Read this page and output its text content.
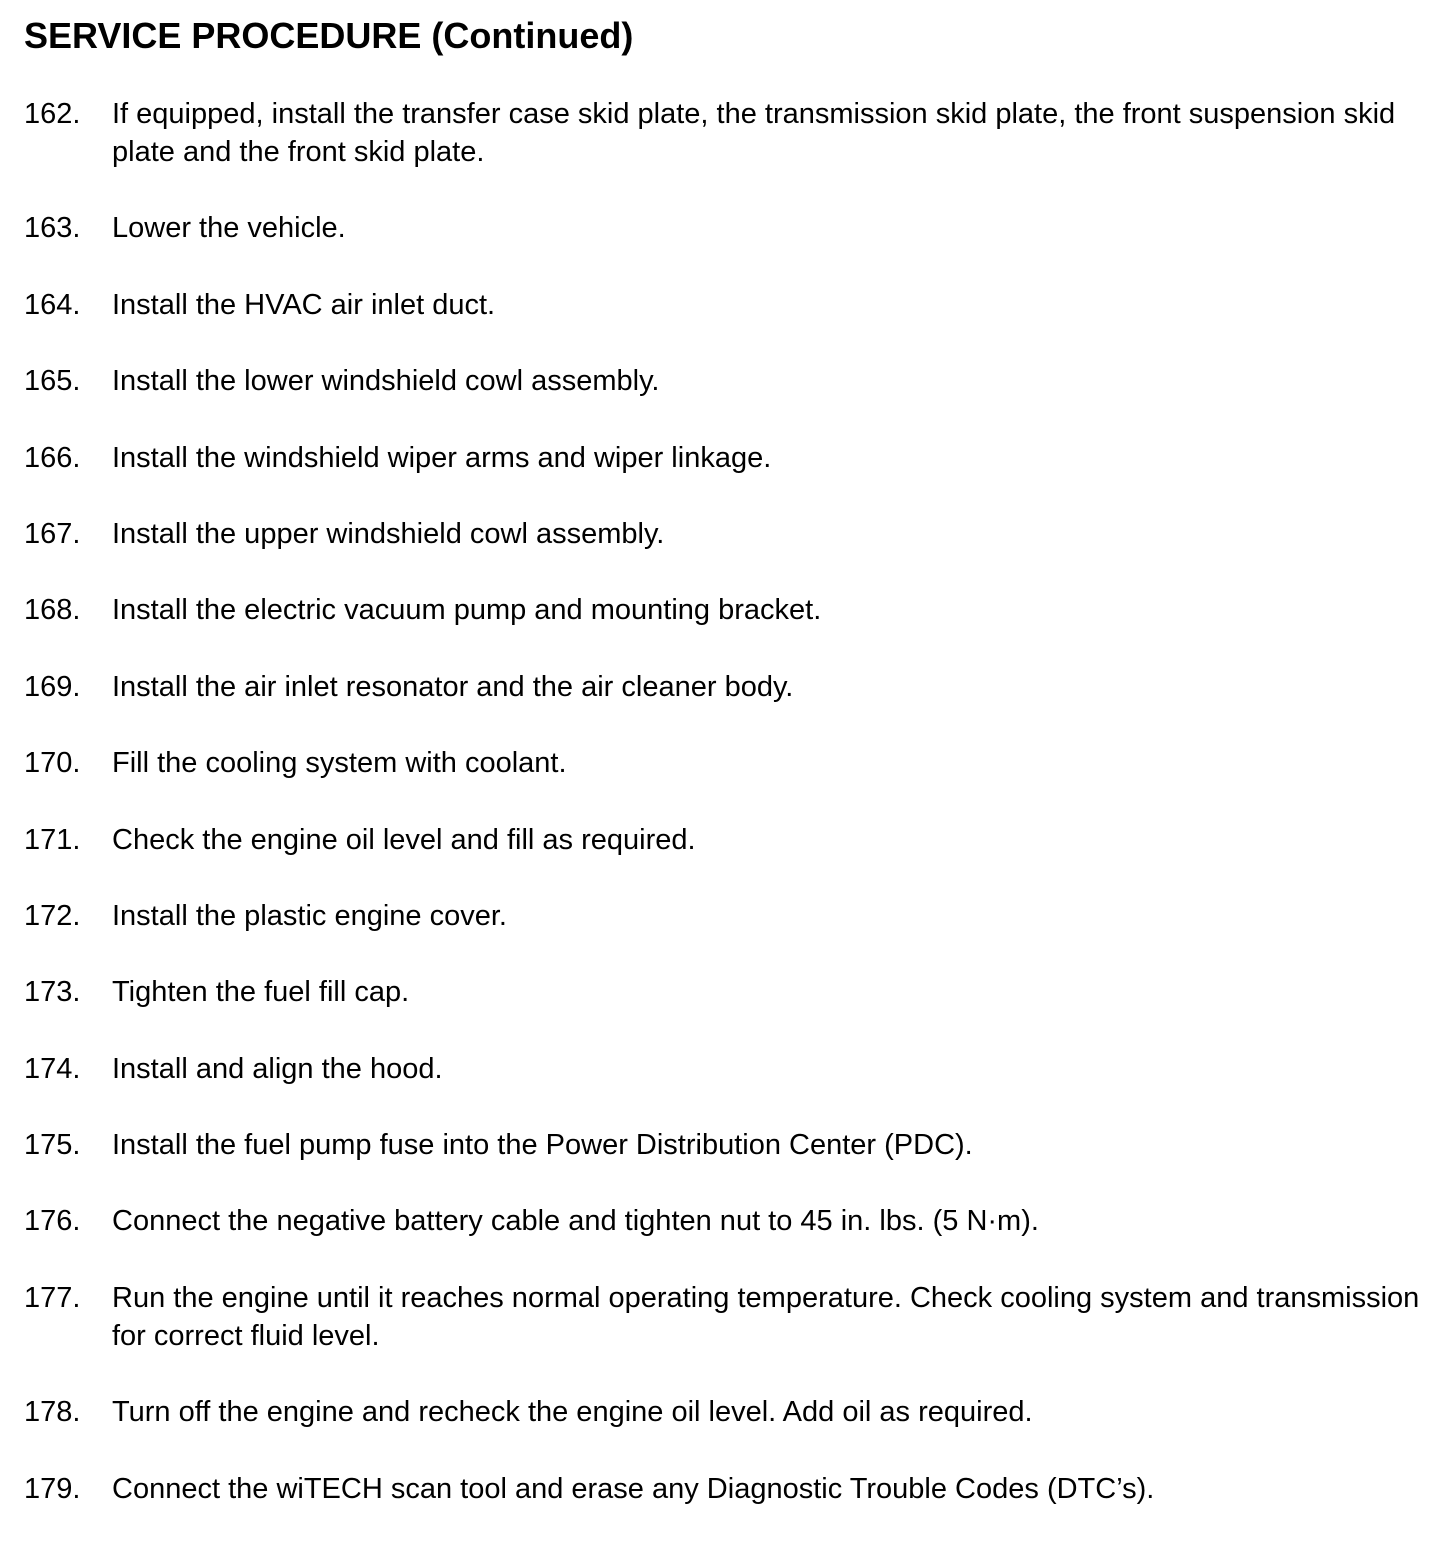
SERVICE PROCEDURE (Continued)
162.	If equipped, install the transfer case skid plate, the transmission skid plate, the front suspension skid plate and the front skid plate.
163.	Lower the vehicle.
164.	Install the HVAC air inlet duct.
165.	Install the lower windshield cowl assembly.
166.	Install the windshield wiper arms and wiper linkage.
167.	Install the upper windshield cowl assembly.
168.	Install the electric vacuum pump and mounting bracket.
169.	Install the air inlet resonator and the air cleaner body.
170.	Fill the cooling system with coolant.
171.	Check the engine oil level and fill as required.
172.	Install the plastic engine cover.
173.	Tighten the fuel fill cap.
174.	Install and align the hood.
175.	Install the fuel pump fuse into the Power Distribution Center (PDC).
176.	Connect the negative battery cable and tighten nut to 45 in. lbs. (5 N·m).
177.	Run the engine until it reaches normal operating temperature. Check cooling system and transmission for correct fluid level.
178.	Turn off the engine and recheck the engine oil level. Add oil as required.
179.	Connect the wiTECH scan tool and erase any Diagnostic Trouble Codes (DTC’s).
